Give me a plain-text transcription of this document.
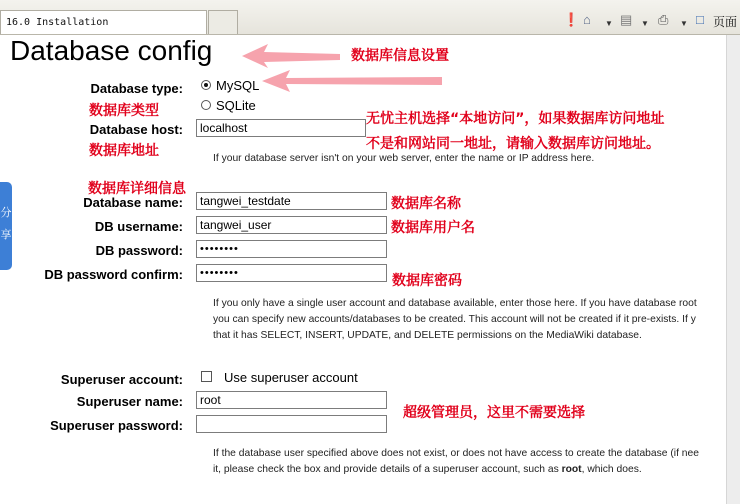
16.0 Installation	❗ ⌂ ▼ ▤ ▼ ⎙ ▼ □ 页面
分享
Database config	数据库信息设置
Database type:	MySQL
SQLite
数据库类型	无忧主机选择“本地访问”，如果数据库访问地址
不是和网站同一地址，请输入数据库访问地址。
Database host:	localhost
数据库地址	If your database server isn't on your web server, enter the name or IP address here.
数据库详细信息
Database name:	tangwei_testdate	数据库名称
DB username:	tangwei_user	数据库用户名
DB password:	••••••••
DB password confirm:	••••••••	数据库密码
If you only have a single user account and database available, enter those here. If you have database root
you can specify new accounts/databases to be created. This account will not be created if it pre-exists. If y
that it has SELECT, INSERT, UPDATE, and DELETE permissions on the MediaWiki database.
Superuser account:	Use superuser account
Superuser name:	root
超级管理员，这里不需要选择
Superuser password:
If the database user specified above does not exist, or does not have access to create the database (if nee
it, please check the box and provide details of a superuser account, such as root, which does.
